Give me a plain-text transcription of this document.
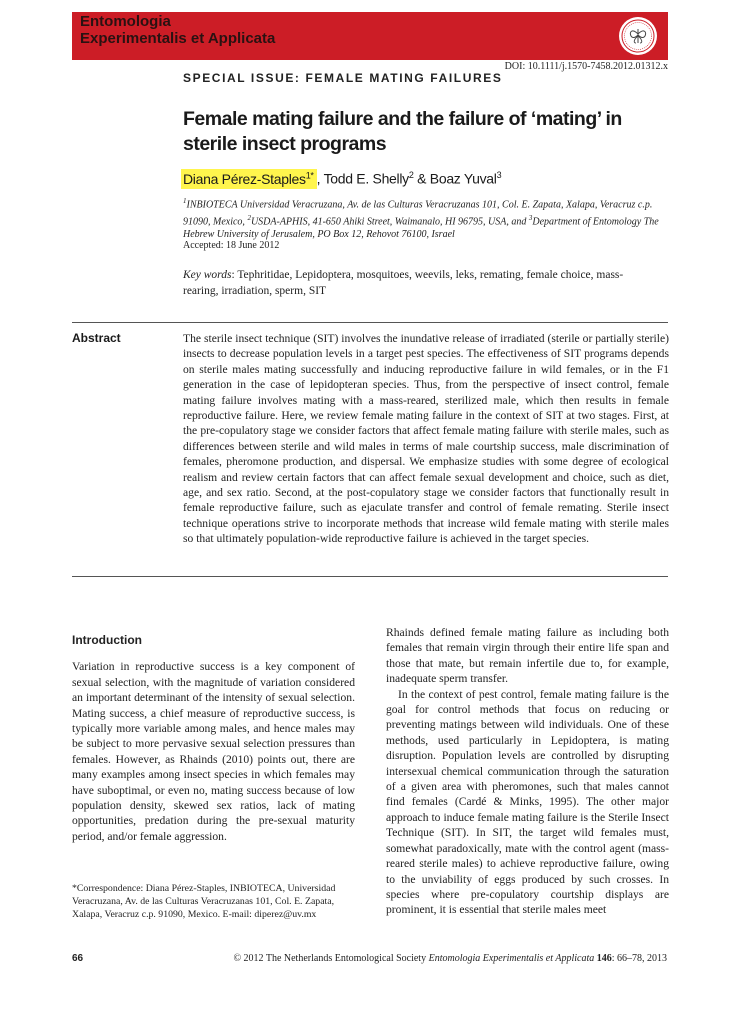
Entomologia
Experimentalis et Applicata
DOI: 10.1111/j.1570-7458.2012.01312.x
SPECIAL ISSUE: FEMALE MATING FAILURES
Female mating failure and the failure of ‘mating’ in
sterile insect programs
Diana Pérez-Staples$^{1*}$ , Todd E. Shelly$^2$ & Boaz Yuval$^3$
$^1$INBIOTECA Universidad Veracruzana, Av. de las Culturas Veracruzanas 101, Col. E. Zapata, Xalapa, Veracruz c.p. 91090, Mexico, $^2$USDA-APHIS, 41-650 Ahiki Street, Waimanalo, HI 96795, USA, and $^3$Department of Entomology The Hebrew University of Jerusalem, PO Box 12, Rehovot 76100, Israel
Accepted: 18 June 2012
Key words: Tephritidae, Lepidoptera, mosquitoes, weevils, leks, remating, female choice, mass-rearing, irradiation, sperm, SIT
Abstract	The sterile insect technique (SIT) involves the inundative release of irradiated (sterile or partially sterile) insects to decrease population levels in a target pest species. The effectiveness of SIT programs depends on sterile males mating successfully and inducing reproductive failure in wild females, or in the F1 generation in the case of lepidopteran species. Thus, from the perspective of insect control, female mating failure involves mating with a mass-reared, sterilized male, which then results in female reproductive failure. Here, we review female mating failure in the context of SIT at two stages. First, at the pre-copulatory stage we consider factors that affect female mating failure with sterile males, such as differences between sterile and wild males in terms of male courtship success, male discrimination of females, pheromone production, and dispersal. We emphasize studies with some degree of ecological realism and review certain factors that can affect female sexual development and choice, such as diet, age, and sex ratio. Second, at the post-copulatory stage we consider factors that functionally result in female reproductive failure, such as ejaculate transfer and control of female remating. Sterile insect technique operations strive to incorporate methods that increase wild female mating with sterile males so that ultimately population-wide reproductive failure is achieved in the target species.

Introduction

Variation in reproductive success is a key component of sexual selection, with the magnitude of variation considered an important determinant of the intensity of sexual selection. Mating success, a chief measure of reproductive success, is typically more variable among males, and hence males may be subject to more pervasive sexual selection pressures than females. However, as Rhainds (2010) points out, there are many examples among insect species in which females may have suboptimal, or even no, mating success because of low population density, skewed sex ratios, lack of mating opportunities, predation during the pre-sexual maturity period, and/or female aggression.

Rhainds defined female mating failure as including both females that remain virgin through their entire life span and those that mate, but remain infertile due to, for example, inadequate sperm transfer.

In the context of pest control, female mating failure is the goal for control methods that focus on reducing or preventing matings between wild individuals. One of these methods, used particularly in Lepidoptera, is mating disruption. Population levels are controlled by disrupting intersexual chemical communication through the saturation of a given area with pheromones, such that males cannot find females (Cardé & Minks, 1995). The other major approach to induce female mating failure is the Sterile Insect Technique (SIT). In SIT, the target wild females must, somewhat paradoxically, mate with the control agent (mass-reared sterile males) to achieve reproductive failure, owing to the unviability of eggs produced by such crosses. In species where pre-copulatory courtship displays are prominent, it is essential that sterile males meet

*Correspondence: Diana Pérez-Staples, INBIOTECA, Universidad Veracruzana, Av. de las Culturas Veracruzanas 101, Col. E. Zapata, Xalapa, Veracruz c.p. 91090, Mexico. E-mail: diperez@uv.mx
66	© 2012 The Netherlands Entomological Society Entomologia Experimentalis et Applicata 146: 66–78, 2013
